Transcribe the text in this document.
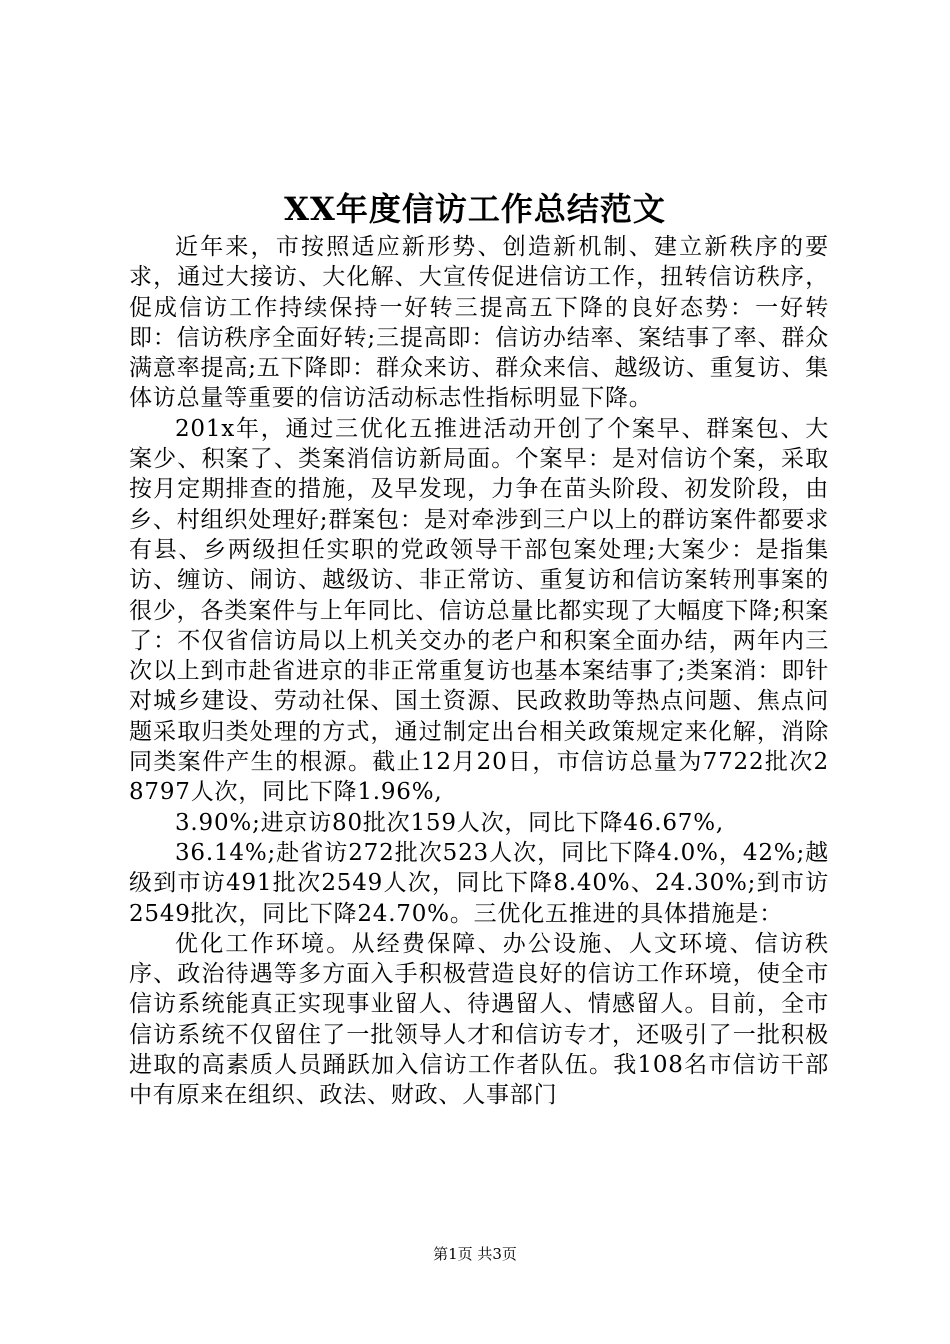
XX年度信访工作总结范文

近年来，市按照适应新形势、创造新机制、建立新秩序的要求，通过大接访、大化解、大宣传促进信访工作，扭转信访秩序，促成信访工作持续保持一好转三提高五下降的良好态势：一好转即：信访秩序全面好转;三提高即：信访办结率、案结事了率、群众满意率提高;五下降即：群众来访、群众来信、越级访、重复访、集体访总量等重要的信访活动标志性指标明显下降。

201x年，通过三优化五推进活动开创了个案早、群案包、大案少、积案了、类案消信访新局面。个案早：是对信访个案，采取按月定期排查的措施，及早发现，力争在苗头阶段、初发阶段，由乡、村组织处理好;群案包：是对牵涉到三户以上的群访案件都要求有县、乡两级担任实职的党政领导干部包案处理;大案少：是指集访、缠访、闹访、越级访、非正常访、重复访和信访案转刑事案的很少，各类案件与上年同比、信访总量比都实现了大幅度下降;积案了：不仅省信访局以上机关交办的老户和积案全面办结，两年内三次以上到市赴省进京的非正常重复访也基本案结事了;类案消：即针对城乡建设、劳动社保、国土资源、民政救助等热点问题、焦点问题采取归类处理的方式，通过制定出台相关政策规定来化解，消除同类案件产生的根源。截止12月20日，市信访总量为7722批次28797人次，同比下降1.96%,

3.90%;进京访80批次159人次，同比下降46.67%,

36.14%;赴省访272批次523人次，同比下降4.0%，42%;越级到市访491批次2549人次，同比下降8.40%、24.30%;到市访2549批次，同比下降24.70%。三优化五推进的具体措施是：

优化工作环境。从经费保障、办公设施、人文环境、信访秩序、政治待遇等多方面入手积极营造良好的信访工作环境，使全市信访系统能真正实现事业留人、待遇留人、情感留人。目前，全市信访系统不仅留住了一批领导人才和信访专才，还吸引了一批积极进取的高素质人员踊跃加入信访工作者队伍。我108名市信访干部中有原来在组织、政法、财政、人事部门

第1页 共3页
